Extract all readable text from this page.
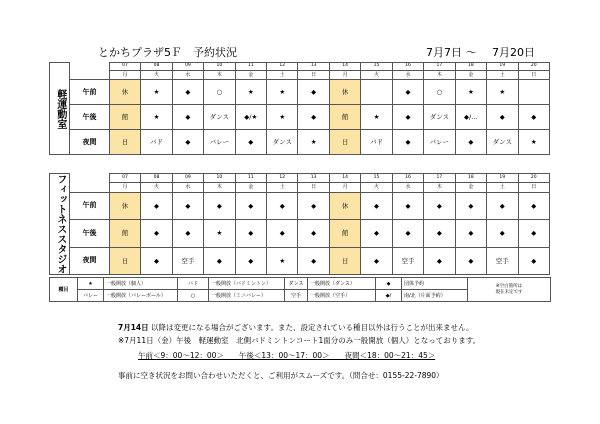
とかちプラザ5Ｆ　予約状況	7月7日 ～ 7月20日
軽運動室		07	08	09	10	11	12	13	14	15	16	17	18	19	20
		月	火	水	木	金	土	日	月	火	水	木	金	土	日
	午前	休	★	◆	○	★	★	◆	休		◆	○	★	★	
	午後	館	★	◆	ダンス	◆/★	★	◆	館	★	◆	ダンス	◆/…	◆	◆
	夜間	日	バド	◆	バレー	◆	ダンス	★	日	バド	◆	バレー	◆	ダンス	★
フィットネススタジオ		07	08	09	10	11	12	13	14	15	16	17	18	19	20
		月	火	水	木	金	土	日	月	火	水	木	金	土	日
	午前	休	◆	◆	◆	◆	◆	◆	休	◆	◆	◆	◆	◆	◆
	午後	館	◆	◆	★	◆	◆	◆	館	◆	◆	◆	◆	◆	◆
	夜間	日	◆	空手	◆	◆	★	◆	日	◆	空手	◆	◆	空手	◆
種目	★	一般開放（個人）	バド	一般開放（バドミントン）	ダンス	一般開放（ダンス）	◆	団体予約	※空白箇所は
現在未定です

	バレー	一般開放（バレーボール）	○	一般開放（ミニバレー）	空手	一般開放（空手）	◆/	南/北（片面予約）	
7月14日 以降は変更になる場合がございます。また、設定されている種目以外は行うことが出来ません。
※7月11日（金）午後　軽運動室　北側バドミントンコート1面分のみ一般開放（個人）となっております。
午前＜9：00～12：00＞　　午後＜13：00～17：00＞　　夜間＜18：00～21：45＞
事前に空き状況をお問い合わせいただくと、ご利用がスムーズです。（問合せ：0155-22-7890）
